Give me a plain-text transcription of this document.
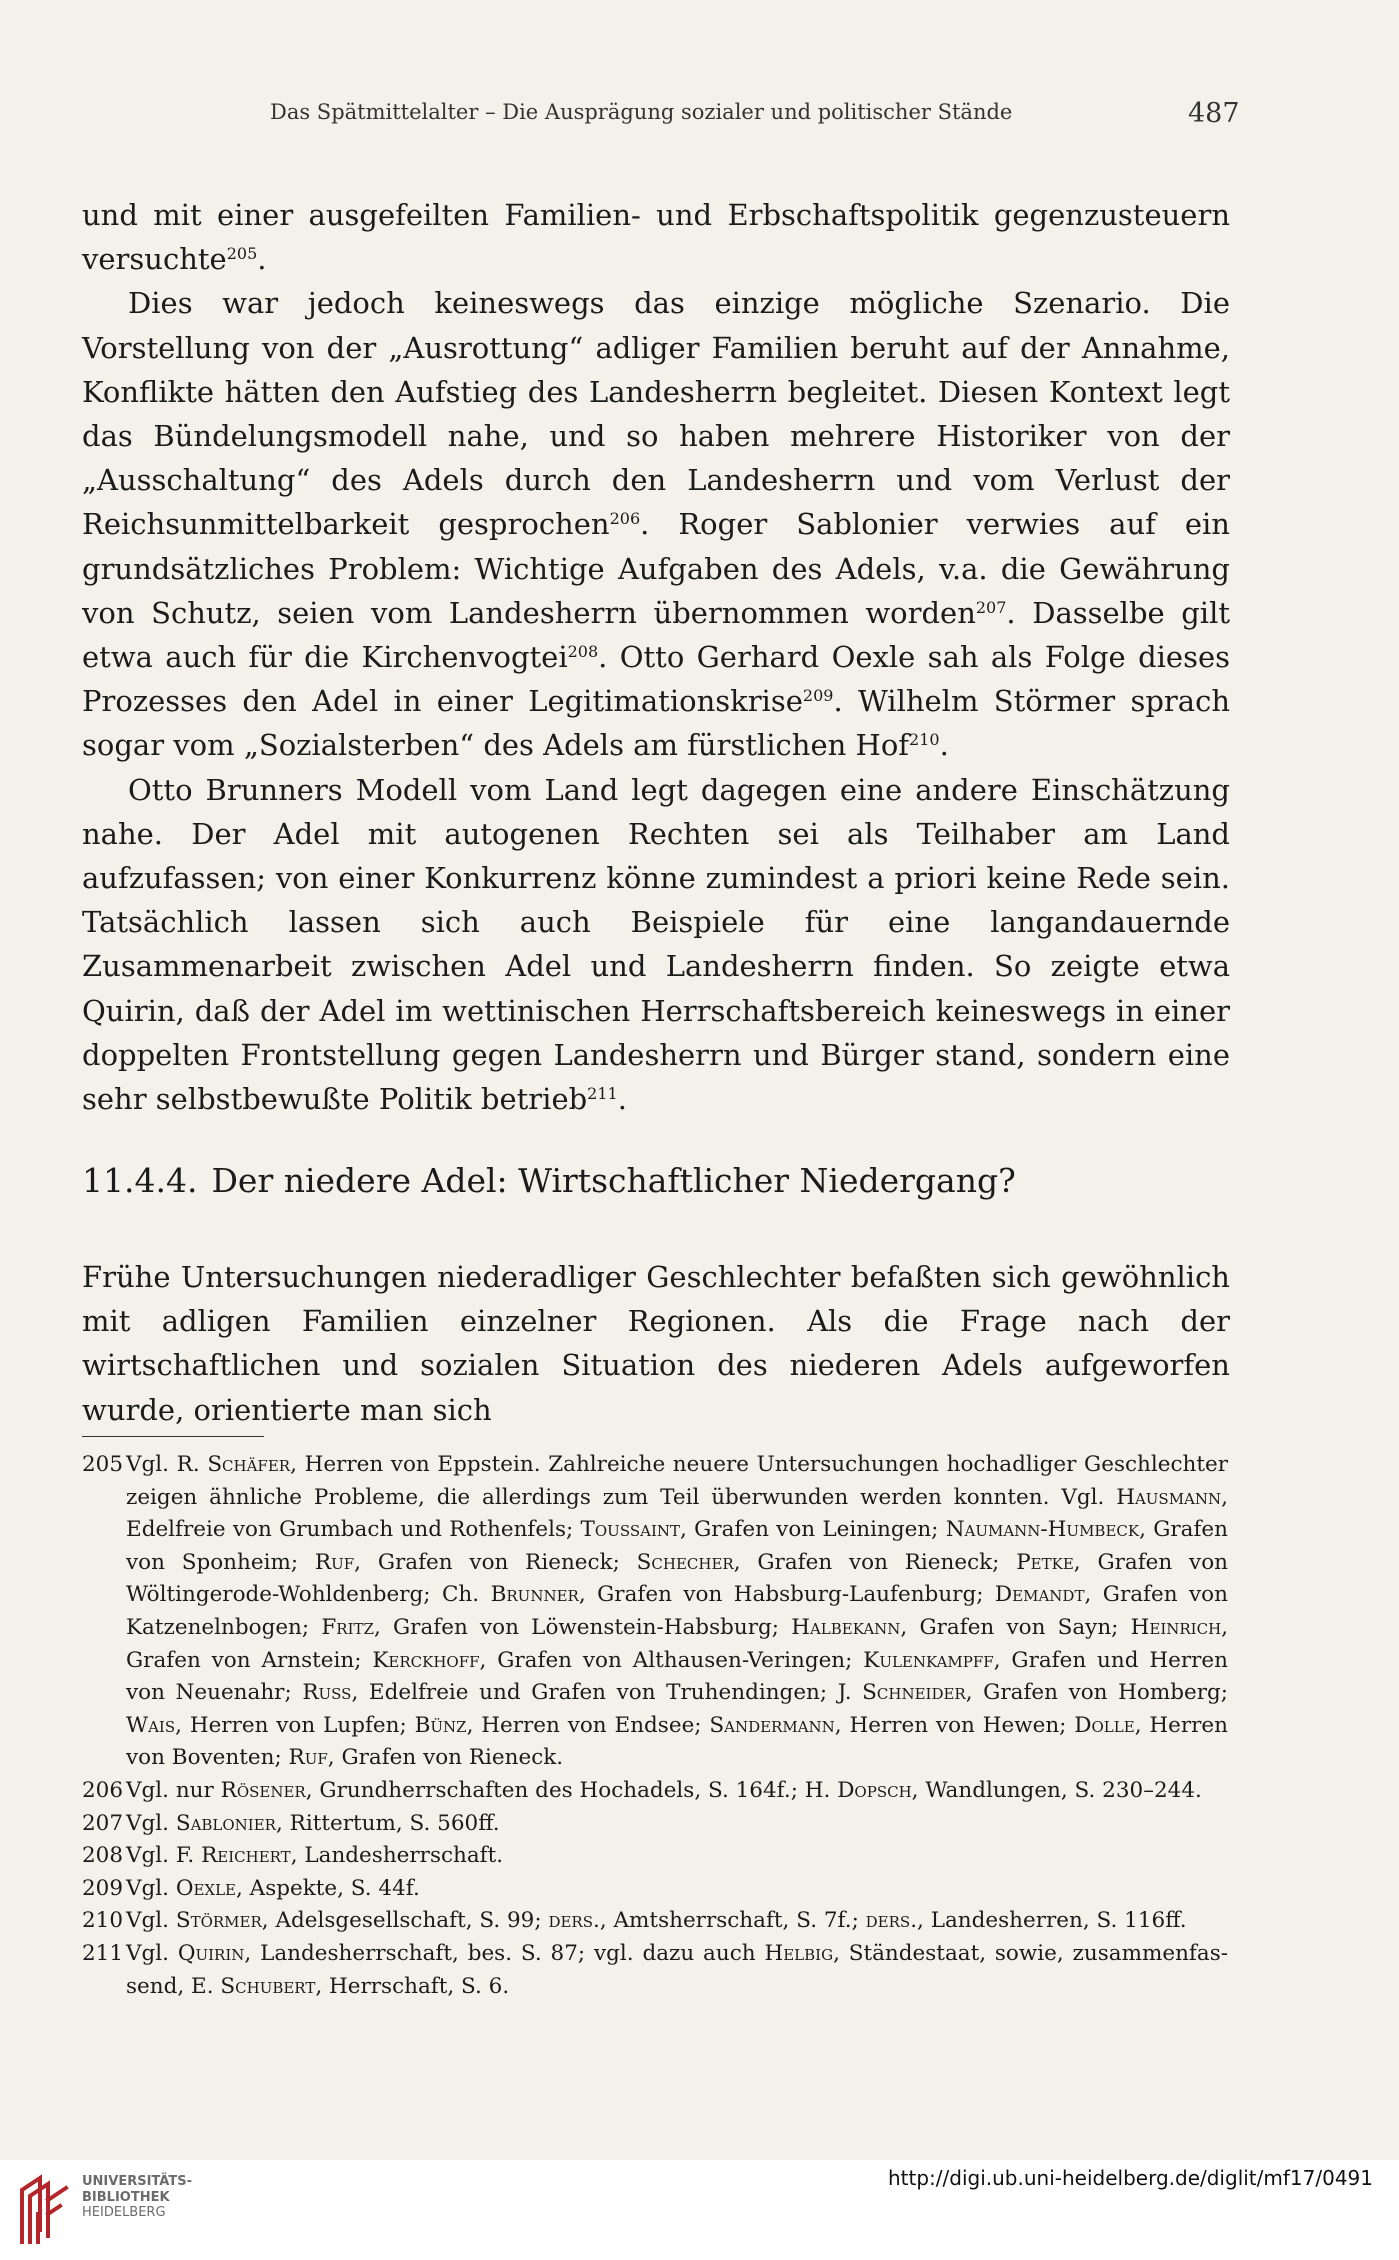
Das Spätmittelalter – Die Ausprägung sozialer und politischer Stände	487

und mit einer ausgefeilten Familien- und Erbschaftspolitik gegenzusteuern versuchte$^{205}$.

Dies war jedoch keineswegs das einzige mögliche Szenario. Die Vorstellung von der „Ausrottung“ adliger Familien beruht auf der Annahme, Konflikte hätten den Aufstieg des Landesherrn begleitet. Diesen Kontext legt das Bündelungsmodell nahe, und so haben mehrere Historiker von der „Ausschaltung“ des Adels durch den Landesherrn und vom Verlust der Reichsunmittelbarkeit gesprochen$^{206}$. Roger Sablonier verwies auf ein grundsätzliches Problem: Wichtige Aufgaben des Adels, v.a. die Gewährung von Schutz, seien vom Landesherrn übernommen worden$^{207}$. Dasselbe gilt etwa auch für die Kirchenvogtei$^{208}$. Otto Gerhard Oexle sah als Folge dieses Prozesses den Adel in einer Legitimationskrise$^{209}$. Wilhelm Störmer sprach sogar vom „Sozialsterben“ des Adels am fürstlichen Hof$^{210}$.

Otto Brunners Modell vom Land legt dagegen eine andere Einschätzung nahe. Der Adel mit autogenen Rechten sei als Teilhaber am Land aufzufassen; von einer Konkurrenz könne zumindest a priori keine Rede sein. Tatsächlich lassen sich auch Beispiele für eine langandauernde Zusammenarbeit zwischen Adel und Landesherrn finden. So zeigte etwa Quirin, daß der Adel im wettinischen Herrschaftsbereich keineswegs in einer doppelten Frontstellung gegen Landesherrn und Bürger stand, sondern eine sehr selbstbewußte Politik betrieb$^{211}$.

11.4.4. Der niedere Adel: Wirtschaftlicher Niedergang?

Frühe Untersuchungen niederadliger Geschlechter befaßten sich gewöhnlich mit adligen Familien einzelner Regionen. Als die Frage nach der wirtschaftlichen und sozialen Situation des niederen Adels aufgeworfen wurde, orientierte man sich

205 Vgl. R. Schäfer, Herren von Eppstein. Zahlreiche neuere Untersuchungen hochadliger Geschlechter zeigen ähnliche Probleme, die allerdings zum Teil überwunden werden konnten. Vgl. Hausmann, Edelfreie von Grumbach und Rothenfels; Toussaint, Grafen von Leiningen; Naumann-Humbeck, Grafen von Sponheim; Ruf, Grafen von Rieneck; Schecher, Grafen von Rieneck; Petke, Grafen von Wöltingerode-Wohldenberg; Ch. Brunner, Grafen von Habsburg-Laufenburg; Demandt, Grafen von Katzenelnbogen; Fritz, Grafen von Löwenstein-Habsburg; Halbekann, Grafen von Sayn; Heinrich, Grafen von Arnstein; Kerckhoff, Grafen von Althausen-Veringen; Kulenkampff, Grafen und Herren von Neuenahr; Russ, Edelfreie und Grafen von Truhendingen; J. Schneider, Grafen von Homberg; Wais, Herren von Lupfen; Bünz, Herren von Endsee; Sandermann, Herren von Hewen; Dolle, Herren von Boventen; Ruf, Grafen von Rieneck.
206 Vgl. nur Rösener, Grundherrschaften des Hochadels, S. 164f.; H. Dopsch, Wandlungen, S. 230–244.
207 Vgl. Sablonier, Rittertum, S. 560ff.
208 Vgl. F. Reichert, Landesherrschaft.
209 Vgl. Oexle, Aspekte, S. 44f.
210 Vgl. Störmer, Adelsgesellschaft, S. 99; ders., Amtsherrschaft, S. 7f.; ders., Landesherren, S. 116ff.
211 Vgl. Quirin, Landesherrschaft, bes. S. 87; vgl. dazu auch Helbig, Ständestaat, sowie, zusammenfassend, E. Schubert, Herrschaft, S. 6.
UNIVERSITÄTS-
BIBLIOTHEK
HEIDELBERG
http://digi.ub.uni-heidelberg.de/diglit/mf17/0491
